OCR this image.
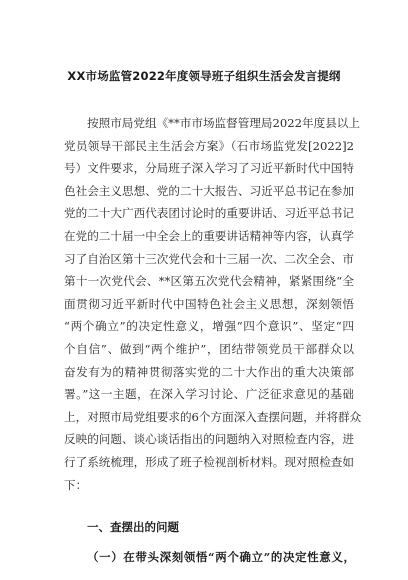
XX市场监管2022年度领导班子组织生活会发言提纲
按照市局党组《**市市场监督管理局2022年度县以上
党员领导干部民主生活会方案》（石市场监党发[2022]2
号）文件要求，分局班子深入学习了习近平新时代中国特
色社会主义思想、党的二十大报告、习近平总书记在参加
党的二十大广西代表团讨论时的重要讲话、习近平总书记
在党的二十届一中全会上的重要讲话精神等内容，认真学
习了自治区第十三次党代会和十三届一次、二次全会、市
第十一次党代会、**区第五次党代会精神，紧紧围绕“全
面贯彻习近平新时代中国特色社会主义思想，深刻领悟
“两个确立”的决定性意义，增强“四个意识”、坚定“四
个自信”、做到“两个维护”，团结带领党员干部群众以
奋发有为的精神贯彻落实党的二十大作出的重大决策部
署。”这一主题，在深入学习讨论、广泛征求意见的基础
上，对照市局党组要求的6个方面深入查摆问题，并将群众
反映的问题、谈心谈话指出的问题纳入对照检查内容，进
行了系统梳理，形成了班子检视剖析材料。现对照检查如
下：
一、查摆出的问题
（一）在带头深刻领悟“两个确立”的决定性意义，
